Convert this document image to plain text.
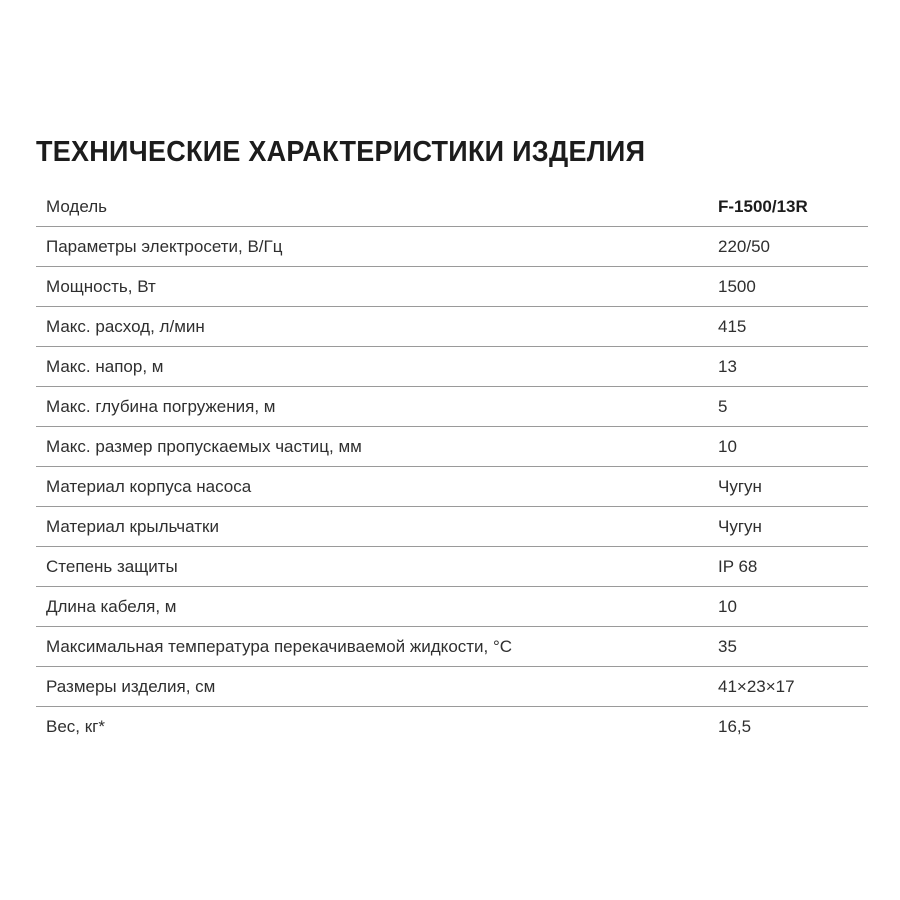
ТЕХНИЧЕСКИЕ ХАРАКТЕРИСТИКИ ИЗДЕЛИЯ
Модель	F-1500/13R
Параметры электросети, В/Гц	220/50
Мощность, Вт	1500
Макс. расход, л/мин	415
Макс. напор, м	13
Макс. глубина погружения, м	5
Макс. размер пропускаемых частиц, мм	10
Материал корпуса насоса	Чугун
Материал крыльчатки	Чугун
Степень защиты	IP 68
Длина кабеля, м	10
Максимальная температура перекачиваемой жидкости, °С	35
Размеры изделия, см	41×23×17
Вес, кг*	16,5
